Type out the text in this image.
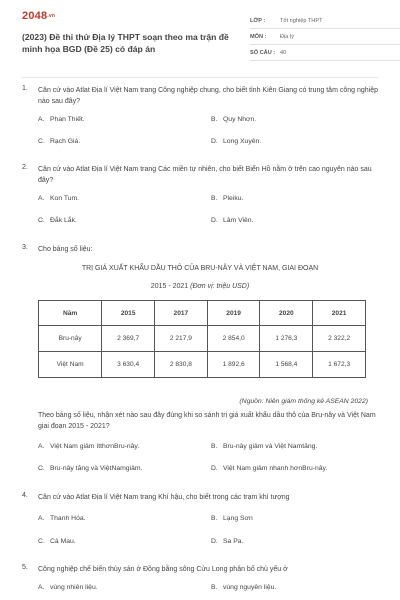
2048.vn
(2023) Đề thi thử Địa lý THPT soạn theo ma trận đề minh họa BGD (Đề 25) có đáp án
LỚP :	Tốt nghiệp THPT
MÔN :	Địa lý
SỐ CÂU : 40
1. Căn cứ vào Atlat Địa lí Việt Nam trang Công nghiệp chung, cho biết tỉnh Kiên Giang có trung tâm công nghiệp nào sau đây?
A. Phan Thiết.	B. Quy Nhơn.
C. Rạch Giá.	D. Long Xuyên.
2. Căn cứ vào Atlat Địa lí Việt Nam trang Các miền tự nhiên, cho biết Biển Hồ nằm ở trên cao nguyên nào sau đây?
A. Kon Tum.	B. Pleiku.
C. Đắk Lắk.	D. Lâm Viên.
3. Cho bảng số liệu:
TRỊ GIÁ XUẤT KHẨU DẦU THÔ CỦA BRU-NÂY VÀ VIỆT NAM, GIAI ĐOẠN
2015 - 2021 (Đơn vị: triệu USD)
Năm	2015	2017	2019	2020	2021
Bru-nây	2 369,7	2 217,9	2 854,0	1 276,3	2 322,2
Việt Nam	3 630,4	2 830,8	1 892,6	1 568,4	1 672,3
(Nguồn: Niên giám thống kê ASEAN 2022)
Theo bảng số liệu, nhận xét nào sau đây đúng khi so sánh trị giá xuất khẩu dầu thô của Bru-nây và Việt Nam giai đoạn 2015 - 2021?
A. Việt Nam giảm ítthơnBru-nây.	B. Bru-nây giảm và Việt Namtăng.
C. Bru-nây tăng và ViệtNamgiảm.	D. Việt Nam giảm nhanh hơnBru-nây.
4. Căn cứ vào Atlat Địa lí Việt Nam trang Khí hậu, cho biết trong các trạm khí tượng
A. Thanh Hóa.	B. Lạng Sơn
C. Cà Mau.	D. Sa Pa.
5. Công nghiệp chế biến thủy sản ở Đồng bằng sông Cửu Long phân bố chủ yếu ở
A. vùng nhiên liệu.	B. vùng nguyên liệu.
